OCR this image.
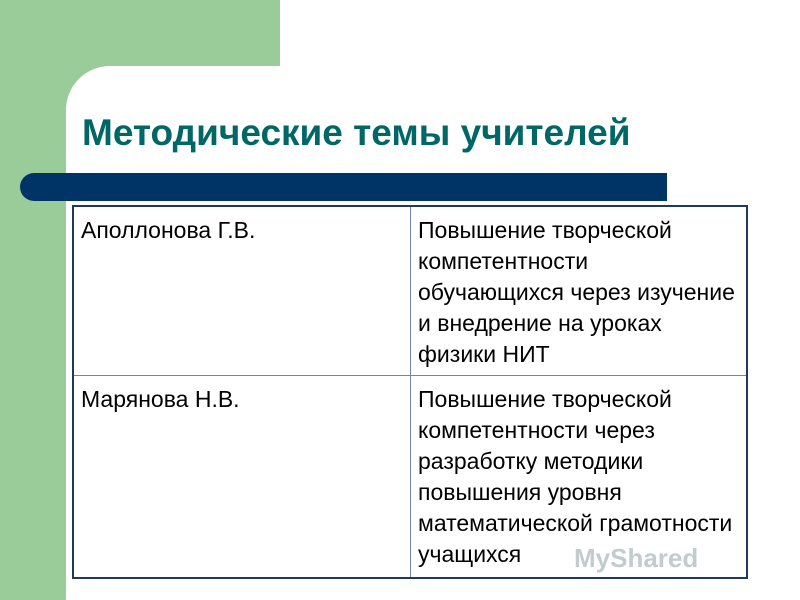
Методические темы учителей
Аполлонова Г.В.	Повышение творческой компетентности обучающихся через изучение и внедрение на уроках физики НИТ
Марянова Н.В.	Повышение творческой компетентности через разработку методики повышения уровня математической грамотности учащихся MyShared
